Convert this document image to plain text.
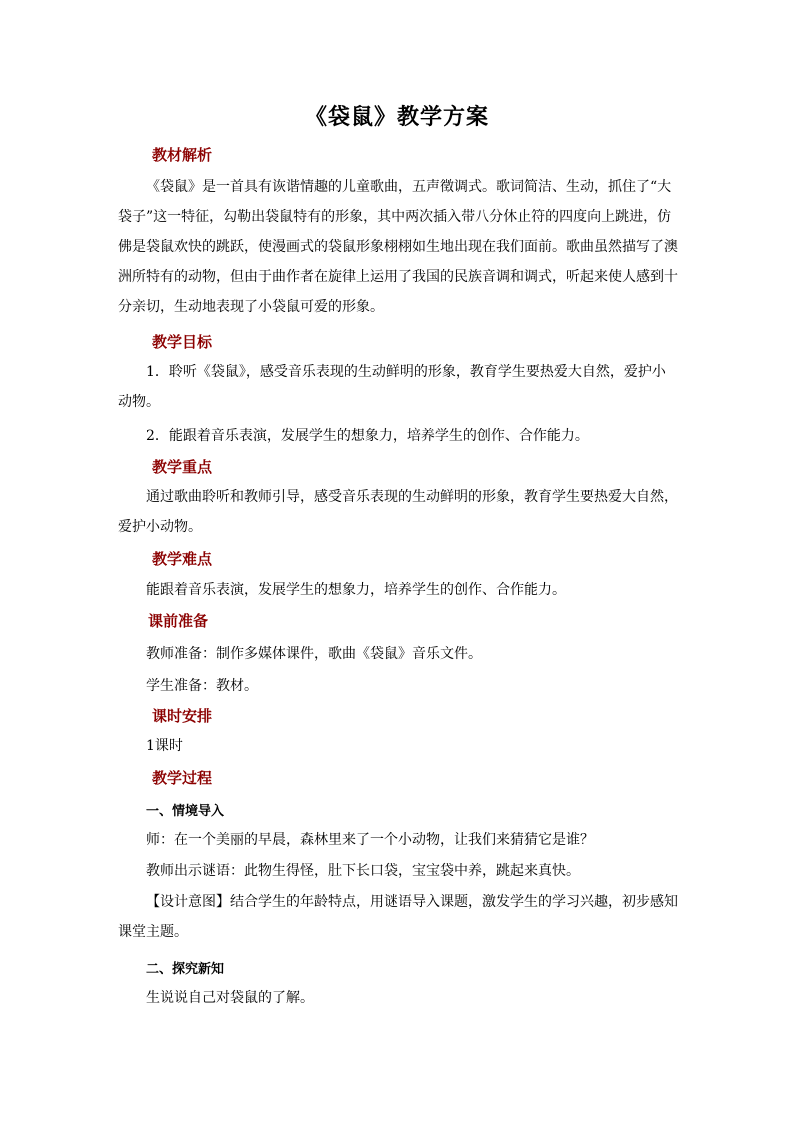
《袋鼠》教学方案
教材解析
《袋鼠》是一首具有诙谐情趣的儿童歌曲，五声徵调式。歌词简洁、生动，抓住了“大袋子”这一特征，勾勒出袋鼠特有的形象，其中两次插入带八分休止符的四度向上跳进，仿佛是袋鼠欢快的跳跃，使漫画式的袋鼠形象栩栩如生地出现在我们面前。歌曲虽然描写了澳洲所特有的动物，但由于曲作者在旋律上运用了我国的民族音调和调式，听起来使人感到十分亲切，生动地表现了小袋鼠可爱的形象。
教学目标
1．聆听《袋鼠》，感受音乐表现的生动鲜明的形象，教育学生要热爱大自然，爱护小动物。
2．能跟着音乐表演，发展学生的想象力，培养学生的创作、合作能力。
教学重点
通过歌曲聆听和教师引导，感受音乐表现的生动鲜明的形象，教育学生要热爱大自然，爱护小动物。
教学难点
能跟着音乐表演，发展学生的想象力，培养学生的创作、合作能力。
课前准备
教师准备：制作多媒体课件，歌曲《袋鼠》音乐文件。
学生准备：教材。
课时安排
1课时
教学过程
一、情境导入
师：在一个美丽的早晨，森林里来了一个小动物，让我们来猜猜它是谁？
教师出示谜语：此物生得怪，肚下长口袋，宝宝袋中养，跳起来真快。
【设计意图】结合学生的年龄特点，用谜语导入课题，激发学生的学习兴趣，初步感知课堂主题。
二、探究新知
生说说自己对袋鼠的了解。
